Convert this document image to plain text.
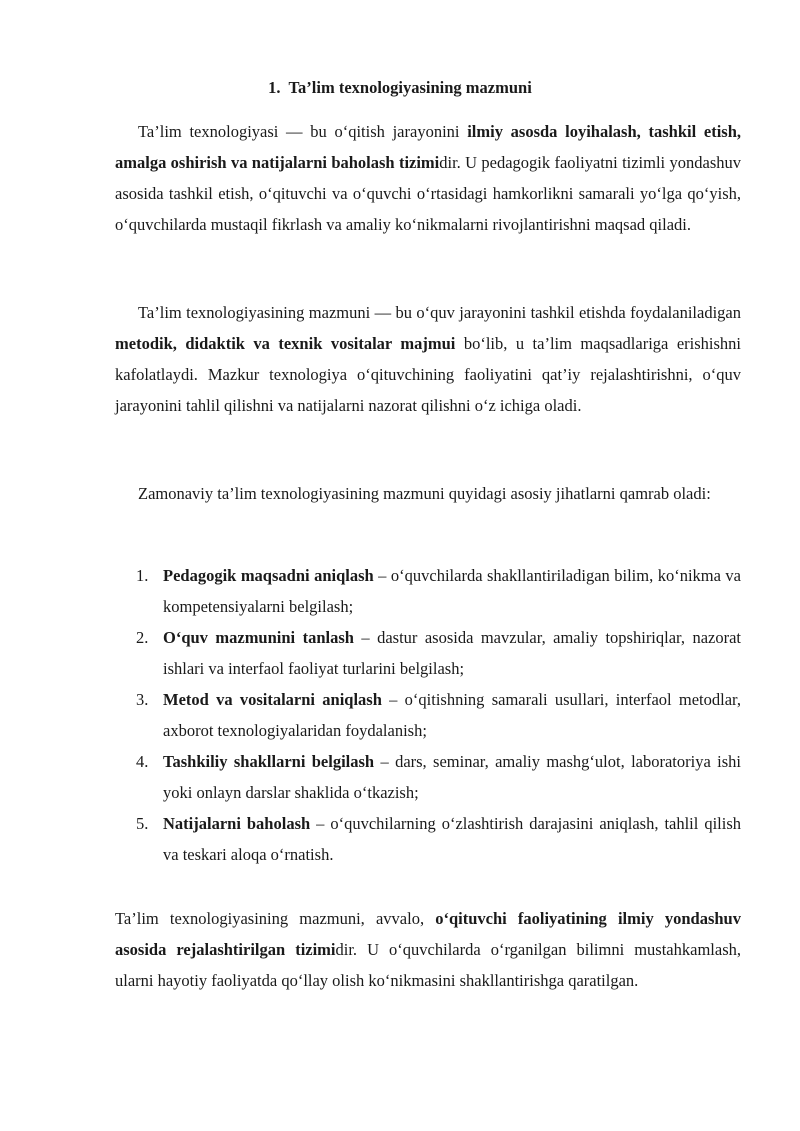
1. Ta’lim texnologiyasining mazmuni

Ta’lim texnologiyasi — bu o‘qitish jarayonini ilmiy asosda loyihalash, tashkil etish, amalga oshirish va natijalarni baholash tizimidir. U pedagogik faoliyatni tizimli yondashuv asosida tashkil etish, o‘qituvchi va o‘quvchi o‘rtasidagi hamkorlikni samarali yo‘lga qo‘yish, o‘quvchilarda mustaqil fikrlash va amaliy ko‘nikmalarni rivojlantirishni maqsad qiladi.

Ta’lim texnologiyasining mazmuni — bu o‘quv jarayonini tashkil etishda foydalaniladigan metodik, didaktik va texnik vositalar majmui bo‘lib, u ta’lim maqsadlariga erishishni kafolatlaydi. Mazkur texnologiya o‘qituvchining faoliyatini qat’iy rejalashtirishni, o‘quv jarayonini tahlil qilishni va natijalarni nazorat qilishni o‘z ichiga oladi.

Zamonaviy ta’lim texnologiyasining mazmuni quyidagi asosiy jihatlarni qamrab oladi:

1. Pedagogik maqsadni aniqlash – o‘quvchilarda shakllantiriladigan bilim, ko‘nikma va kompetensiyalarni belgilash;
2. O‘quv mazmunini tanlash – dastur asosida mavzular, amaliy topshiriqlar, nazorat ishlari va interfaol faoliyat turlarini belgilash;
3. Metod va vositalarni aniqlash – o‘qitishning samarali usullari, interfaol metodlar, axborot texnologiyalaridan foydalanish;
4. Tashkiliy shakllarni belgilash – dars, seminar, amaliy mashg‘ulot, laboratoriya ishi yoki onlayn darslar shaklida o‘tkazish;
5. Natijalarni baholash – o‘quvchilarning o‘zlashtirish darajasini aniqlash, tahlil qilish va teskari aloqa o‘rnatish.

Ta’lim texnologiyasining mazmuni, avvalo, o‘qituvchi faoliyatining ilmiy yondashuv asosida rejalashtirilgan tizimidir. U o‘quvchilarda o‘rganilgan bilimni mustahkamlash, ularni hayotiy faoliyatda qo‘llay olish ko‘nikmasini shakllantirishga qaratilgan.
